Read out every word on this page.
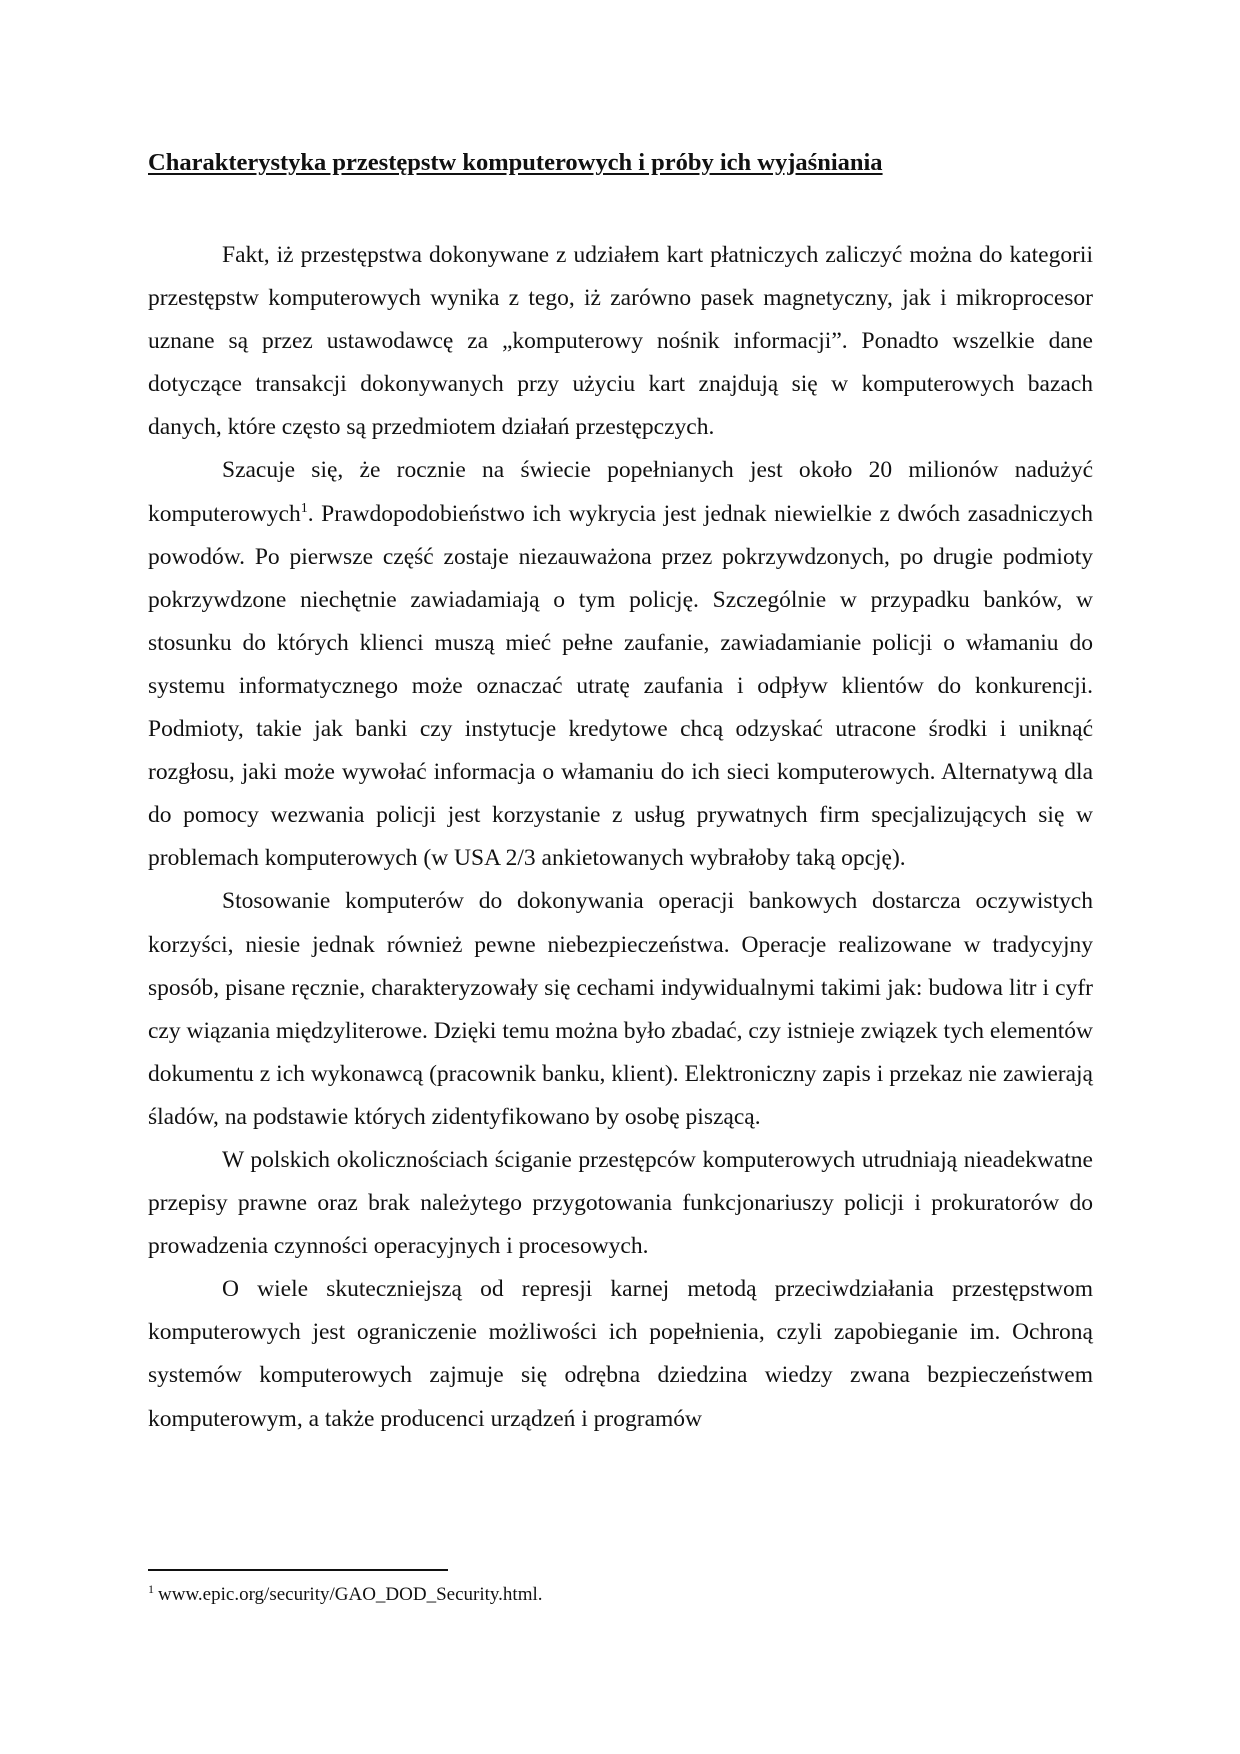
Charakterystyka przestępstw komputerowych i próby ich wyjaśniania

Fakt, iż przestępstwa dokonywane z udziałem kart płatniczych zaliczyć można do kategorii przestępstw komputerowych wynika z tego, iż zarówno pasek magnetyczny, jak i mikroprocesor uznane są przez ustawodawcę za „komputerowy nośnik informacji”. Ponadto wszelkie dane dotyczące transakcji dokonywanych przy użyciu kart znajdują się w komputerowych bazach danych, które często są przedmiotem działań przestępczych.

Szacuje się, że rocznie na świecie popełnianych jest około 20 milionów nadużyć komputerowych$^1$. Prawdopodobieństwo ich wykrycia jest jednak niewielkie z dwóch zasadniczych powodów. Po pierwsze część zostaje niezauważona przez pokrzywdzonych, po drugie podmioty pokrzywdzone niechętnie zawiadamiają o tym policję. Szczególnie w przypadku banków, w stosunku do których klienci muszą mieć pełne zaufanie, zawiadamianie policji o włamaniu do systemu informatycznego może oznaczać utratę zaufania i odpływ klientów do konkurencji. Podmioty, takie jak banki czy instytucje kredytowe chcą odzyskać utracone środki i uniknąć rozgłosu, jaki może wywołać informacja o włamaniu do ich sieci komputerowych. Alternatywą dla do pomocy wezwania policji jest korzystanie z usług prywatnych firm specjalizujących się w problemach komputerowych (w USA 2/3 ankietowanych wybrałoby taką opcję).

Stosowanie komputerów do dokonywania operacji bankowych dostarcza oczywistych korzyści, niesie jednak również pewne niebezpieczeństwa. Operacje realizowane w tradycyjny sposób, pisane ręcznie, charakteryzowały się cechami indywidualnymi takimi jak: budowa litr i cyfr czy wiązania międzyliterowe. Dzięki temu można było zbadać, czy istnieje związek tych elementów dokumentu z ich wykonawcą (pracownik banku, klient). Elektroniczny zapis i przekaz nie zawierają śladów, na podstawie których zidentyfikowano by osobę piszącą.

W polskich okolicznościach ściganie przestępców komputerowych utrudniają nieadekwatne przepisy prawne oraz brak należytego przygotowania funkcjonariuszy policji i prokuratorów do prowadzenia czynności operacyjnych i procesowych.

O wiele skuteczniejszą od represji karnej metodą przeciwdziałania przestępstwom komputerowych jest ograniczenie możliwości ich popełnienia, czyli zapobieganie im. Ochroną systemów komputerowych zajmuje się odrębna dziedzina wiedzy zwana bezpieczeństwem komputerowym, a także producenci urządzeń i programów

$^1$ www.epic.org/security/GAO_DOD_Security.html.
